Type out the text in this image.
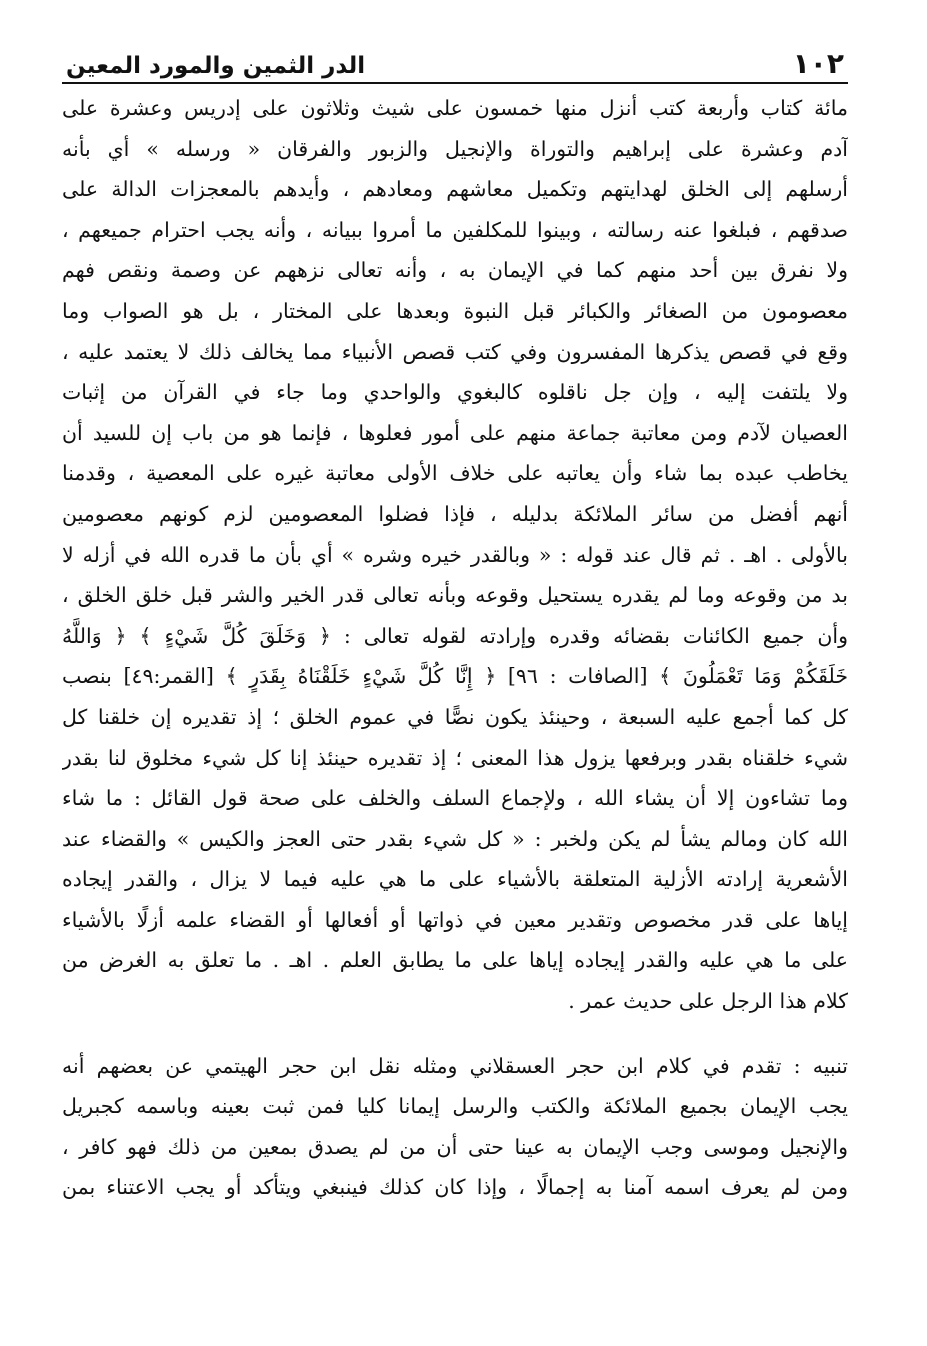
١٠٢
الدر الثمين والمورد المعين
مائة كتاب وأربعة كتب أنزل منها خمسون على شيث وثلاثون على إدريس وعشرة على
آدم وعشرة على إبراهيم والتوراة والإنجيل والزبور والفرقان « ورسله » أي بأنه
أرسلهم إلى الخلق لهدايتهم وتكميل معاشهم ومعادهم ، وأيدهم بالمعجزات الدالة على
صدقهم ، فبلغوا عنه رسالته ، وبينوا للمكلفين ما أمروا ببيانه ، وأنه يجب احترام جميعهم ،
ولا نفرق بين أحد منهم كما في الإيمان به ، وأنه تعالى نزههم عن وصمة ونقص فهم
معصومون من الصغائر والكبائر قبل النبوة وبعدها على المختار ، بل هو الصواب وما
وقع في قصص يذكرها المفسرون وفي كتب قصص الأنبياء مما يخالف ذلك لا يعتمد عليه ،
ولا يلتفت إليه ، وإن جل ناقلوه كالبغوي والواحدي وما جاء في القرآن من إثبات
العصيان لآدم ومن معاتبة جماعة منهم على أمور فعلوها ، فإنما هو من باب إن للسيد أن
يخاطب عبده بما شاء وأن يعاتبه على خلاف الأولى معاتبة غيره على المعصية ، وقدمنا
أنهم أفضل من سائر الملائكة بدليله ، فإذا فضلوا المعصومين لزم كونهم معصومين
بالأولى . اهـ . ثم قال عند قوله : « وبالقدر خيره وشره » أي بأن ما قدره الله في أزله لا
بد من وقوعه وما لم يقدره يستحيل وقوعه وبأنه تعالى قدر الخير والشر قبل خلق الخلق ،
وأن جميع الكائنات بقضائه وقدره وإرادته لقوله تعالى : ﴿ وَخَلَقَ كُلَّ شَيْءٍ ﴾ ﴿ وَاللَّهُ
خَلَقَكُمْ وَمَا تَعْمَلُونَ ﴾ [الصافات : ٩٦] ﴿ إِنَّا كُلَّ شَيْءٍ خَلَقْنَاهُ بِقَدَرٍ ﴾ [القمر:٤٩] بنصب
كل كما أجمع عليه السبعة ، وحينئذ يكون نصًّا في عموم الخلق ؛ إذ تقديره إن خلقنا كل
شيء خلقناه بقدر وبرفعها يزول هذا المعنى ؛ إذ تقديره حينئذ إنا كل شيء مخلوق لنا بقدر
وما تشاءون إلا أن يشاء الله ، ولإجماع السلف والخلف على صحة قول القائل : ما شاء
الله كان ومالم يشأ لم يكن ولخبر : « كل شيء بقدر حتى العجز والكيس » والقضاء عند
الأشعرية إرادته الأزلية المتعلقة بالأشياء على ما هي عليه فيما لا يزال ، والقدر إيجاده
إياها على قدر مخصوص وتقدير معين في ذواتها أو أفعالها أو القضاء علمه أزلًا بالأشياء
على ما هي عليه والقدر إيجاده إياها على ما يطابق العلم . اهـ . ما تعلق به الغرض من
كلام هذا الرجل على حديث عمر .
تنبيه : تقدم في كلام ابن حجر العسقلاني ومثله نقل ابن حجر الهيتمي عن بعضهم أنه
يجب الإيمان بجميع الملائكة والكتب والرسل إيمانا كليا فمن ثبت بعينه وباسمه كجبريل
والإنجيل وموسى وجب الإيمان به عينا حتى أن من لم يصدق بمعين من ذلك فهو كافر ،
ومن لم يعرف اسمه آمنا به إجمالًا ، وإذا كان كذلك فينبغي ويتأكد أو يجب الاعتناء بمن
